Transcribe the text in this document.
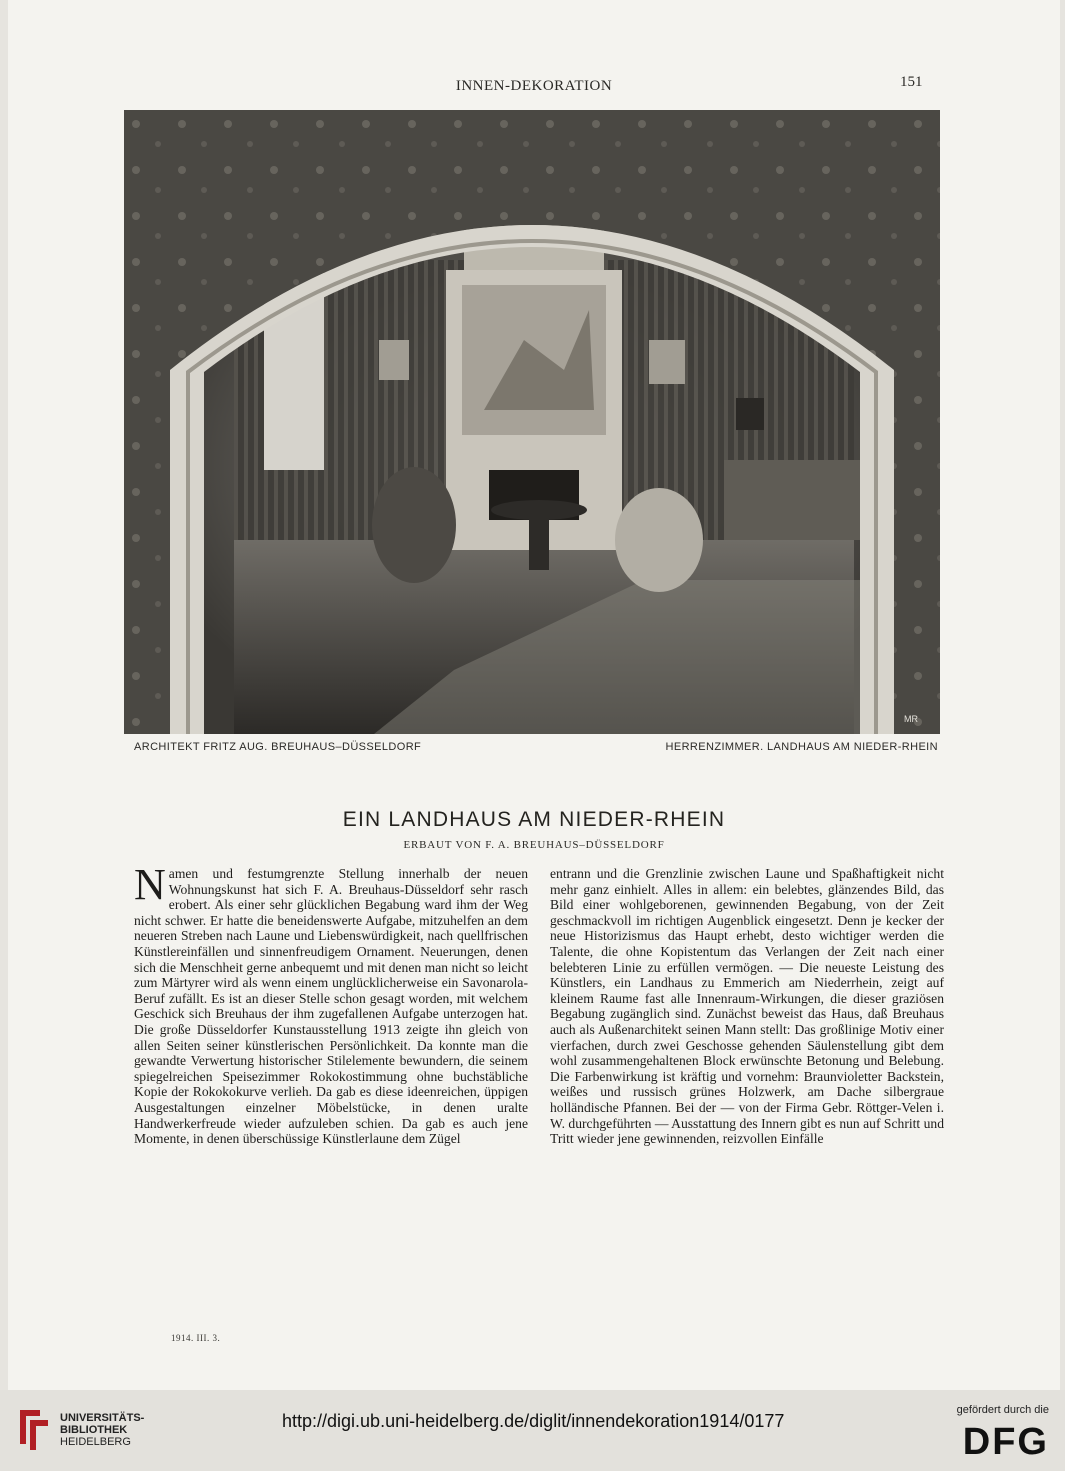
INNEN-DEKORATION	151
MR
ARCHITEKT FRITZ AUG. BREUHAUS–DÜSSELDORF	HERRENZIMMER. LANDHAUS AM NIEDER-RHEIN
EIN LANDHAUS AM NIEDER-RHEIN
ERBAUT VON F. A. BREUHAUS–DÜSSELDORF
N amen und festumgrenzte Stellung innerhalb der neuen Wohnungskunst hat sich F. A. Breuhaus-Düsseldorf sehr rasch erobert. Als einer sehr glücklichen Begabung ward ihm der Weg nicht schwer. Er hatte die beneidenswerte Aufgabe, mitzuhelfen an dem neueren Streben nach Laune und Liebenswürdigkeit, nach quellfrischen Künstlereinfällen und sinnenfreudigem Ornament. Neuerungen, denen sich die Menschheit gerne anbequemt und mit denen man nicht so leicht zum Märtyrer wird als wenn einem unglücklicherweise ein Savonarola-Beruf zufällt. Es ist an dieser Stelle schon gesagt worden, mit welchem Geschick sich Breuhaus der ihm zugefallenen Aufgabe unterzogen hat. Die große Düsseldorfer Kunstausstellung 1913 zeigte ihn gleich von allen Seiten seiner künstlerischen Persönlichkeit. Da konnte man die gewandte Verwertung historischer Stilelemente bewundern, die seinem spiegelreichen Speisezimmer Rokokostimmung ohne buchstäbliche Kopie der Rokokokurve verlieh. Da gab es diese ideenreichen, üppigen Ausgestaltungen einzelner Möbelstücke, in denen uralte Handwerkerfreude wieder aufzuleben schien. Da gab es auch jene Momente, in denen überschüssige Künstlerlaune dem Zügel

entrann und die Grenzlinie zwischen Laune und Spaßhaftigkeit nicht mehr ganz einhielt. Alles in allem: ein belebtes, glänzendes Bild, das Bild einer wohlgeborenen, gewinnenden Begabung, von der Zeit geschmackvoll im richtigen Augenblick eingesetzt. Denn je kecker der neue Historizismus das Haupt erhebt, desto wichtiger werden die Talente, die ohne Kopistentum das Verlangen der Zeit nach einer belebteren Linie zu erfüllen vermögen. — Die neueste Leistung des Künstlers, ein Landhaus zu Emmerich am Niederrhein, zeigt auf kleinem Raume fast alle Innenraum-Wirkungen, die dieser graziösen Begabung zugänglich sind. Zunächst beweist das Haus, daß Breuhaus auch als Außenarchitekt seinen Mann stellt: Das großlinige Motiv einer vierfachen, durch zwei Geschosse gehenden Säulenstellung gibt dem wohl zusammengehaltenen Block erwünschte Betonung und Belebung. Die Farbenwirkung ist kräftig und vornehm: Braunvioletter Backstein, weißes und russisch grünes Holzwerk, am Dache silbergraue holländische Pfannen. Bei der — von der Firma Gebr. Röttger-Velen i. W. durchgeführten — Ausstattung des Innern gibt es nun auf Schritt und Tritt wieder jene gewinnenden, reizvollen Einfälle

1914. III. 3.
UNIVERSITÄTS-
BIBLIOTHEK
HEIDELBERG
http://digi.ub.uni-heidelberg.de/diglit/innendekoration1914/0177
gefördert durch die
DFG
